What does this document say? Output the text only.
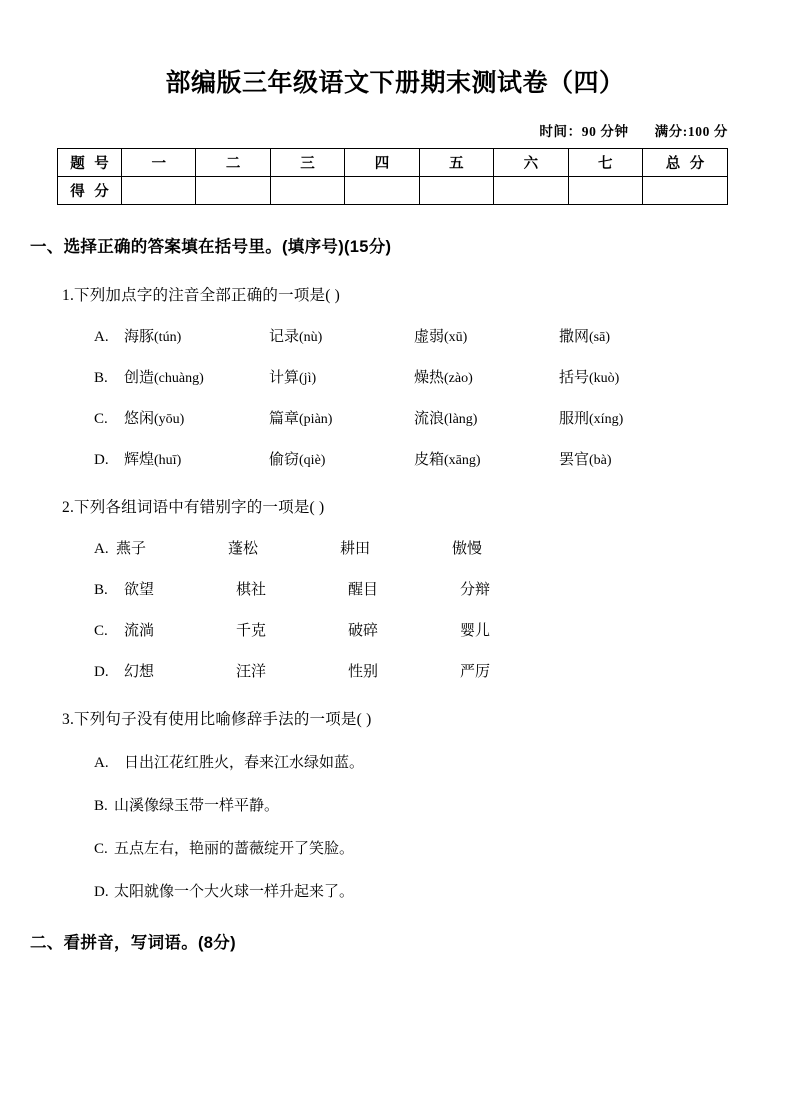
部编版三年级语文下册期末测试卷（四）
时间：90 分钟 满分:100 分
题 号	一	二	三	四	五	六	七	总 分
得 分								
一、选择正确的答案填在括号里。(填序号)(15分)
1.下列加点字的注音全部正确的一项是( )
A. 海豚(tún)	记录(nù)	虚弱(xū)	撒网(sā)
B. 创造(chuàng)	计算(jì)	燥热(zào)	括号(kuò)
C. 悠闲(yōu)	篇章(piàn)	流浪(làng)	服刑(xíng)
D. 辉煌(huī)	偷窃(qiè)	皮箱(xāng)	罢官(bà)
2.下列各组词语中有错别字的一项是( )
A. 燕子	蓬松	耕田	傲慢
B. 欲望	棋社	醒目	分辩
C. 流淌	千克	破碎	婴儿
D. 幻想	汪洋	性别	严厉
3.下列句子没有使用比喻修辞手法的一项是( )
A. 日出江花红胜火，春来江水绿如蓝。
B. 山溪像绿玉带一样平静。
C. 五点左右，艳丽的蔷薇绽开了笑脸。
D. 太阳就像一个大火球一样升起来了。
二、看拼音，写词语。(8分)
